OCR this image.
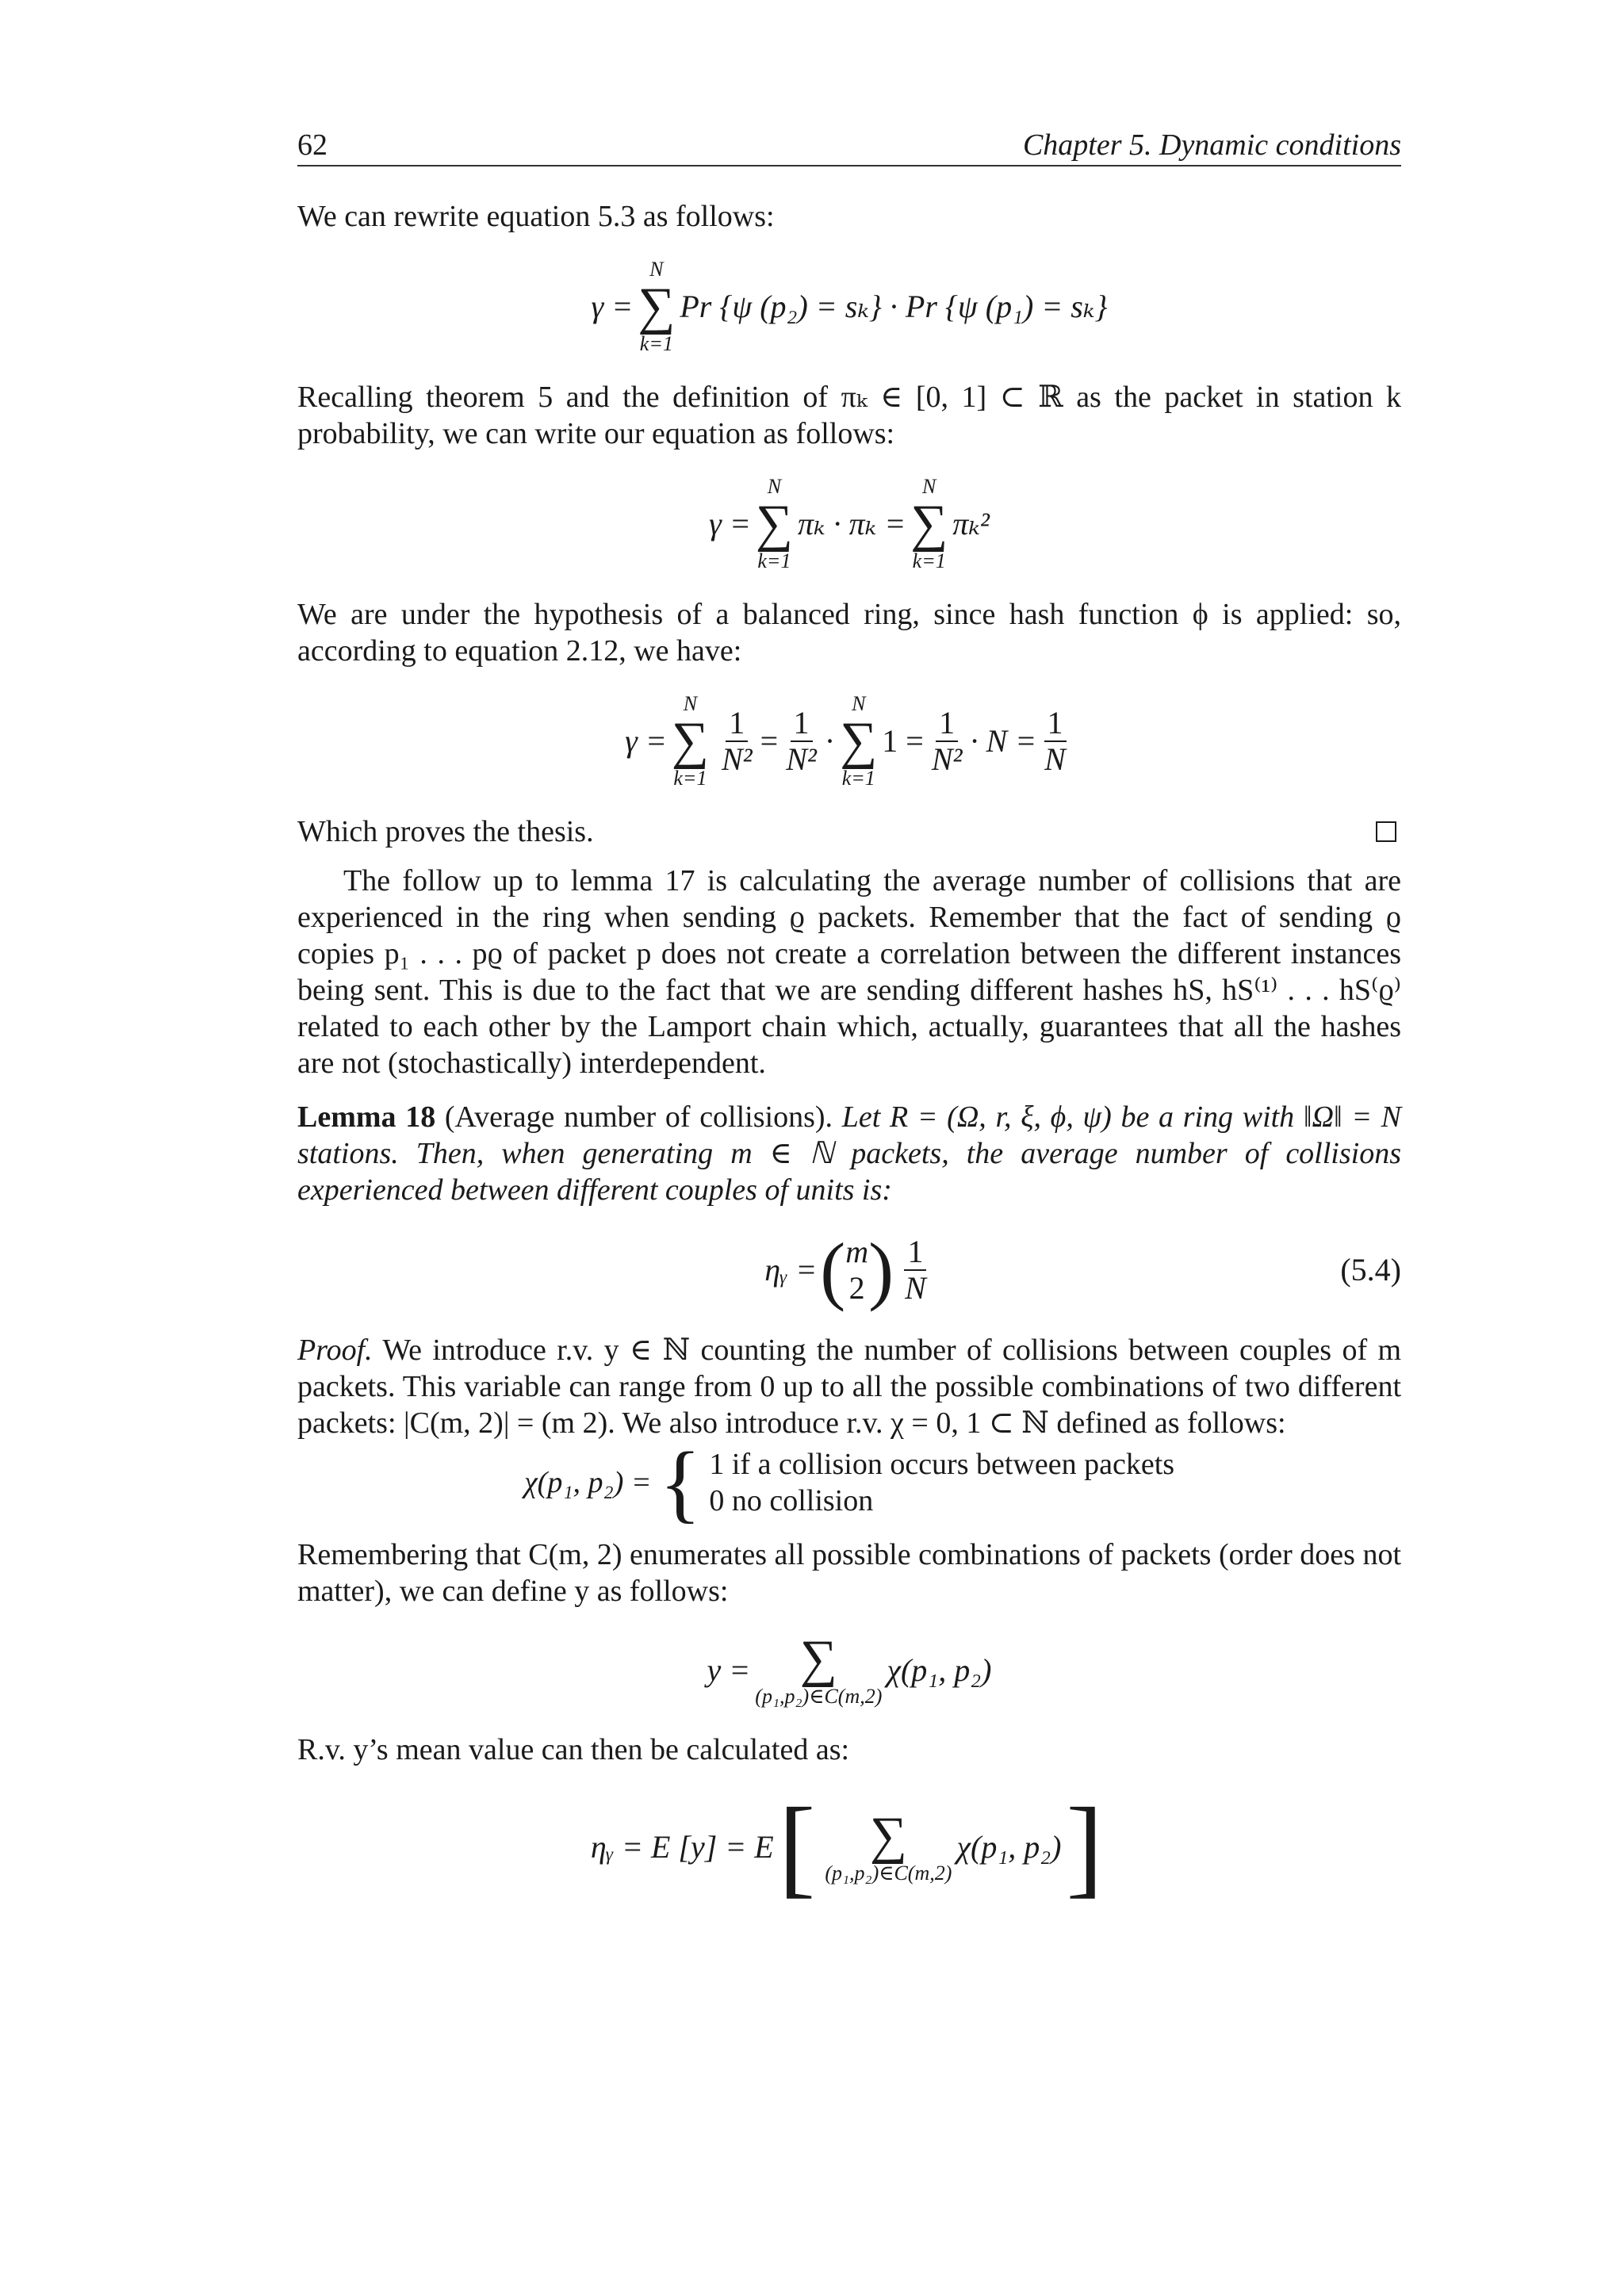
62	Chapter 5. Dynamic conditions

We can rewrite equation 5.3 as follows:

γ =
N
∑
k=1
Pr {ψ (p₂) = sₖ} · Pr {ψ (p₁) = sₖ}

Recalling theorem 5 and the definition of πₖ ∈ [0, 1] ⊂ ℝ as the packet in station k probability, we can write our equation as follows:

γ =
N
∑
k=1
πₖ · πₖ =
N
∑
k=1
πₖ²

We are under the hypothesis of a balanced ring, since hash function ϕ is applied: so, according to equation 2.12, we have:

γ =
N
∑
k=1
$\frac{1}{\text{N²}} = \frac{1}{\text{N²}}$ ·
N
∑
k=1
$1 = \frac{1}{\text{N²}} \cdot N = \frac{1}{N}$
Which proves the thesis.

The follow up to lemma 17 is calculating the average number of collisions that are experienced in the ring when sending ϱ packets. Remember that the fact of sending ϱ copies p₁ . . . pϱ of packet p does not create a correlation between the different instances being sent. This is due to the fact that we are sending different hashes hS, hS⁽¹⁾ . . . hS⁽ϱ⁾ related to each other by the Lamport chain which, actually, guarantees that all the hashes are not (stochastically) interdependent.

Lemma 18 (Average number of collisions). Let R = (Ω, r, ξ, ϕ, ψ) be a ring with ‖Ω‖ = N stations. Then, when generating m ∈ ℕ packets, the average number of collisions experienced between different couples of units is:

ηᵧ = ( m
2 ) $\frac{1}{N}$	(5.4)

Proof. We introduce r.v. y ∈ ℕ counting the number of collisions between couples of m packets. This variable can range from 0 up to all the possible combinations of two different packets: |C(m, 2)| = (m 2). We also introduce r.v. χ = 0, 1 ⊂ ℕ defined as follows:

χ(p₁, p₂) = { 1 if a collision occurs between packets
0 no collision

Remembering that C(m, 2) enumerates all possible combinations of packets (order does not matter), we can define y as follows:

y = ∑
(p₁,p₂)∈C(m,2)
χ(p₁, p₂)

R.v. y’s mean value can then be calculated as:

ηᵧ = E [y] = E [ ∑
(p₁,p₂)∈C(m,2)
χ(p₁, p₂) ]
